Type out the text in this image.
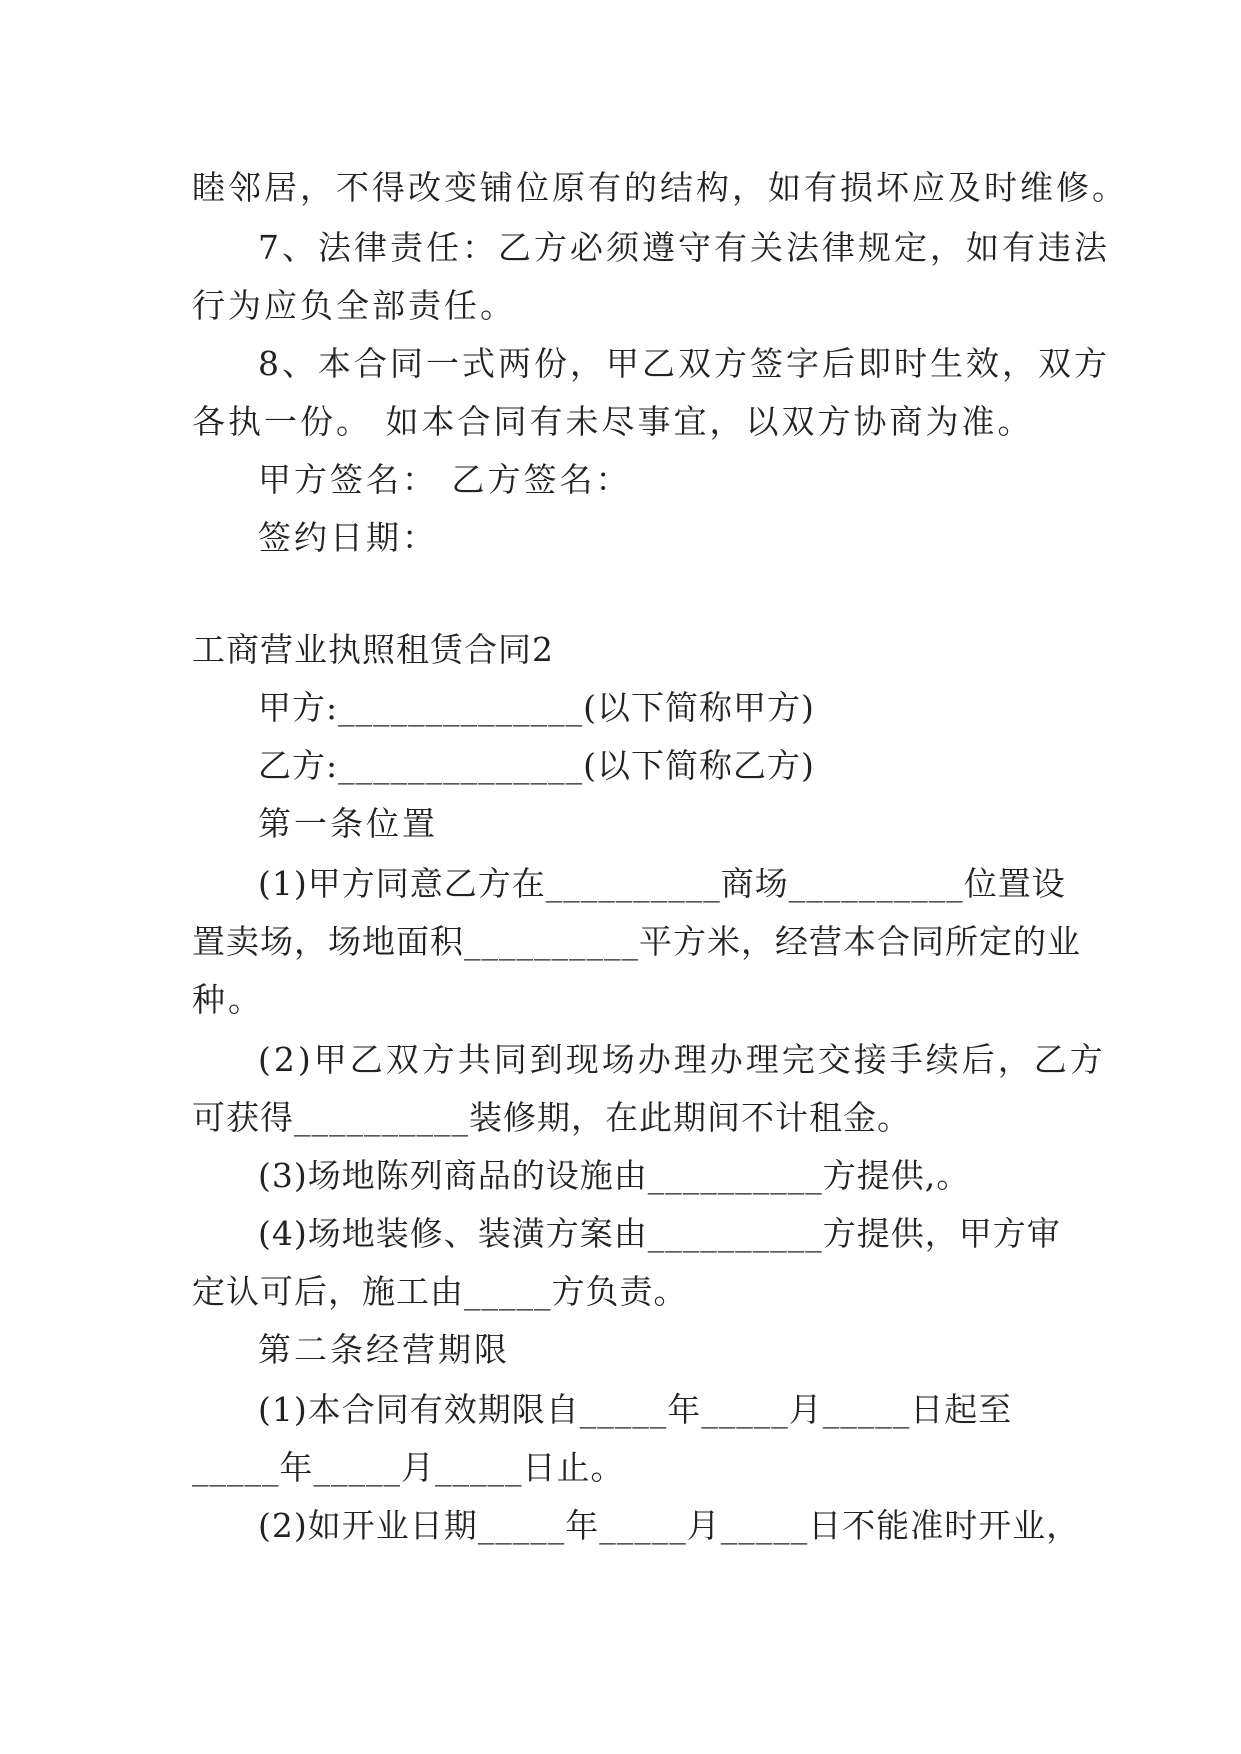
睦邻居，不得改变铺位原有的结构，如有损坏应及时维修。
7、法律责任：乙方必须遵守有关法律规定，如有违法
行为应负全部责任。
8、本合同一式两份，甲乙双方签字后即时生效，双方
各执一份。 如本合同有未尽事宜，以双方协商为准。
甲方签名： 乙方签名：
签约日期：
工商营业执照租赁合同2
甲方:______________(以下简称甲方)
乙方:______________(以下简称乙方)
第一条位置
(1)甲方同意乙方在__________商场__________位置设
置卖场，场地面积__________平方米，经营本合同所定的业
种。
(2)甲乙双方共同到现场办理办理完交接手续后，乙方
可获得__________装修期，在此期间不计租金。
(3)场地陈列商品的设施由__________方提供,。
(4)场地装修、装潢方案由__________方提供，甲方审
定认可后，施工由_____方负责。
第二条经营期限
(1)本合同有效期限自_____年_____月_____日起至
_____年_____月_____日止。
(2)如开业日期_____年_____月_____日不能准时开业，
